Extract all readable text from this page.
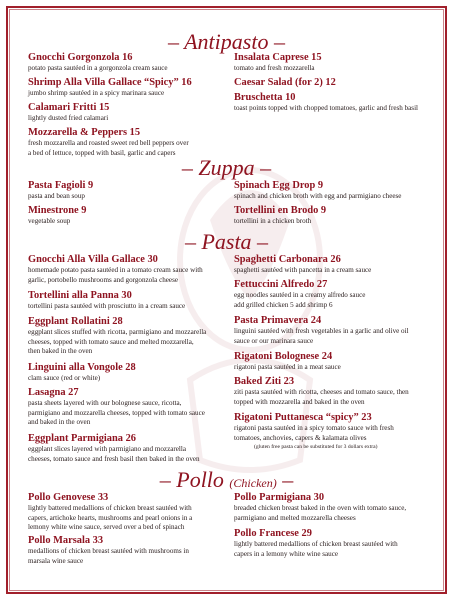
– Antipasto –
Gnocchi Gorgonzola 16
potato pasta sautéed in a gorgonzola cream sauce
Shrimp Alla Villa Gallace “Spicy” 16
jumbo shrimp sautéed in a spicy marinara sauce
Calamari Fritti 15
lightly dusted fried calamari
Mozzarella & Peppers 15
fresh mozzarella and roasted sweet red bell peppers over
a bed of lettuce, topped with basil, garlic and capers
Insalata Caprese 15
tomato and fresh mozzarella
Caesar Salad (for 2) 12
Bruschetta 10
toast points topped with chopped tomatoes, garlic and fresh basil
– Zuppa –
Pasta Fagioli 9
pasta and bean soup
Minestrone 9
vegetable soup
Spinach Egg Drop 9
spinach and chicken broth with egg and parmigiano cheese
Tortellini en Brodo 9
tortellini in a chicken broth
– Pasta –
Gnocchi Alla Villa Gallace 30
homemade potato pasta sautéed in a tomato cream sauce with
garlic, portobello mushrooms and gorgonzola cheese
Tortellini alla Panna 30
tortellini pasta sautéed with prosciutto in a cream sauce
Eggplant Rollatini 28
eggplant slices stuffed with ricotta, parmigiano and mozzarella
cheeses, topped with tomato sauce and melted mozzarella,
then baked in the oven
Linguini alla Vongole 28
clam sauce (red or white)
Lasagna 27
pasta sheets layered with our bolognese sauce, ricotta,
parmigiano and mozzarella cheeses, topped with tomato sauce
and baked in the oven
Eggplant Parmigiana 26
eggplant slices layered with parmigiano and mozzarella
cheeses, tomato sauce and fresh basil then baked in the oven
Spaghetti Carbonara 26
spaghetti sautéed with pancetta in a cream sauce
Fettuccini Alfredo 27
egg noodles sautéed in a creamy alfredo sauce
add grilled chicken 5 add shrimp 6
Pasta Primavera 24
linguini sautéed with fresh vegetables in a garlic and olive oil
sauce or our marinara sauce
Rigatoni Bolognese 24
rigatoni pasta sautéed in a meat sauce
Baked Ziti 23
ziti pasta sautéed with ricotta, cheeses and tomato sauce, then
topped with mozzarella and baked in the oven
Rigatoni Puttanesca “spicy” 23
rigatoni pasta sautéed in a spicy tomato sauce with fresh
tomatoes, anchovies, capers & kalamata olives
(gluten free pasta can be substituted for 3 dollars extra)
– Pollo (Chicken) –
Pollo Genovese 33
lightly battered medallions of chicken breast sautéed with
capers, artichoke hearts, mushrooms and pearl onions in a
lemony white wine sauce, served over a bed of spinach
Pollo Marsala 33
medallions of chicken breast sautéed with mushrooms in
marsala wine sauce
Pollo Parmigiana 30
breaded chicken breast baked in the oven with tomato sauce,
parmigiano and melted mozzarella cheeses
Pollo Francese 29
lightly battered medallions of chicken breast sautéed with
capers in a lemony white wine sauce
